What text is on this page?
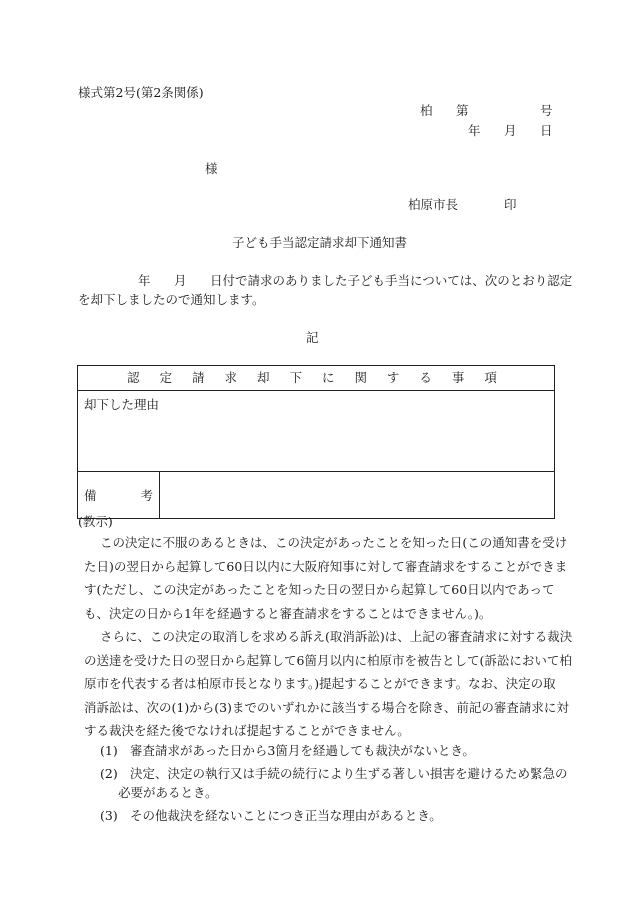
様式第2号(第2条関係)
柏 第	号
年 月 日
様
柏原市長	印
子ども手当認定請求却下通知書
年 月 日付で請求のありました子ども手当については、次のとおり認定
を却下しましたので通知します。
記
認 定 請 求 却 下 に 関 す る 事 項
却下した理由

備	考

(教示)
この決定に不服のあるときは、この決定があったことを知った日(この通知書を受け
た日)の翌日から起算して60日以内に大阪府知事に対して審査請求をすることができま
す(ただし、この決定があったことを知った日の翌日から起算して60日以内であって
も、決定の日から1年を経過すると審査請求をすることはできません。)。
さらに、この決定の取消しを求める訴え(取消訴訟)は、上記の審査請求に対する裁決
の送達を受けた日の翌日から起算して6箇月以内に柏原市を被告として(訴訟において柏
原市を代表する者は柏原市長となります。)提起することができます。なお、決定の取
消訴訟は、次の(1)から(3)までのいずれかに該当する場合を除き、前記の審査請求に対
する裁決を経た後でなければ提起することができません。
(1) 審査請求があった日から3箇月を経過しても裁決がないとき。
(2) 決定、決定の執行又は手続の続行により生ずる著しい損害を避けるため緊急の
必要があるとき。
(3) その他裁決を経ないことにつき正当な理由があるとき。
